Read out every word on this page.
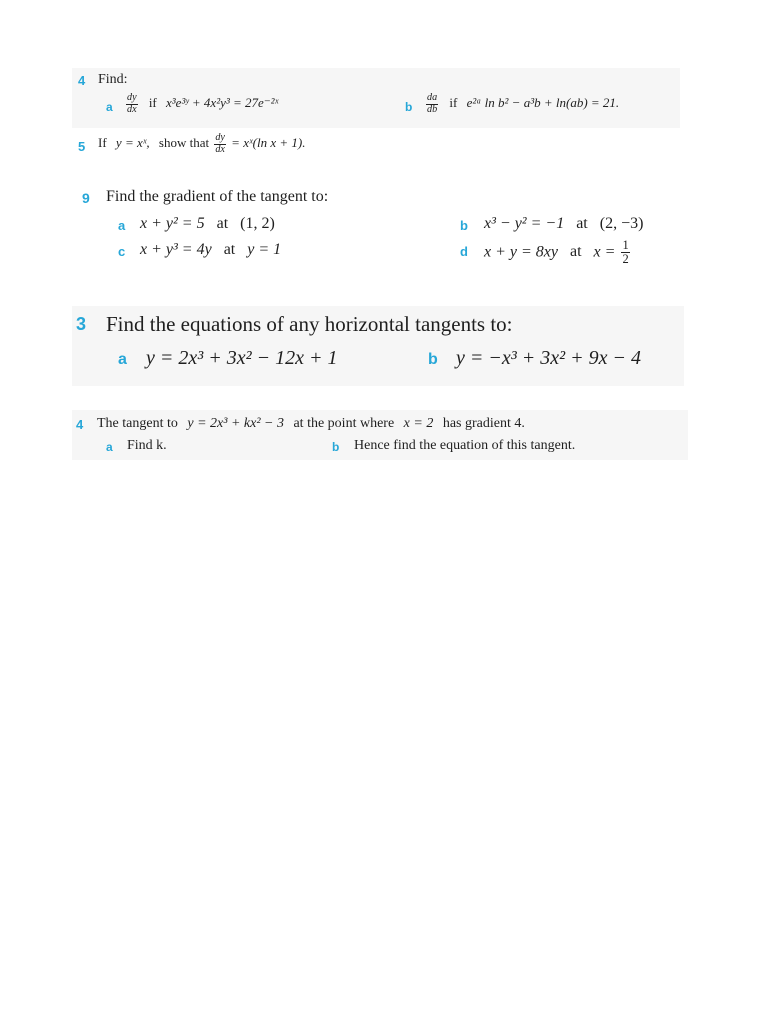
4 Find:
a $\frac{dy}{dx}$ if x³e³ʸ + 4x²y³ = 27e⁻²ˣ	b $\frac{da}{db}$ if e²ᵃ ln b² − a³b + ln(ab) = 21.
5 If y = xˣ, show that $\frac{dy}{dx}$ = xˣ(ln x + 1).
9 Find the gradient of the tangent to:
a x + y² = 5 at (1, 2)	b x³ − y² = −1 at (2, −3)
c x + y³ = 4y at y = 1	d x + y = 8xy at $x = \frac{1}{2}$
3 Find the equations of any horizontal tangents to:
a y = 2x³ + 3x² − 12x + 1	b y = −x³ + 3x² + 9x − 4
4 The tangent to y = 2x³ + kx² − 3 at the point where x = 2 has gradient 4.
a Find k.	b Hence find the equation of this tangent.
